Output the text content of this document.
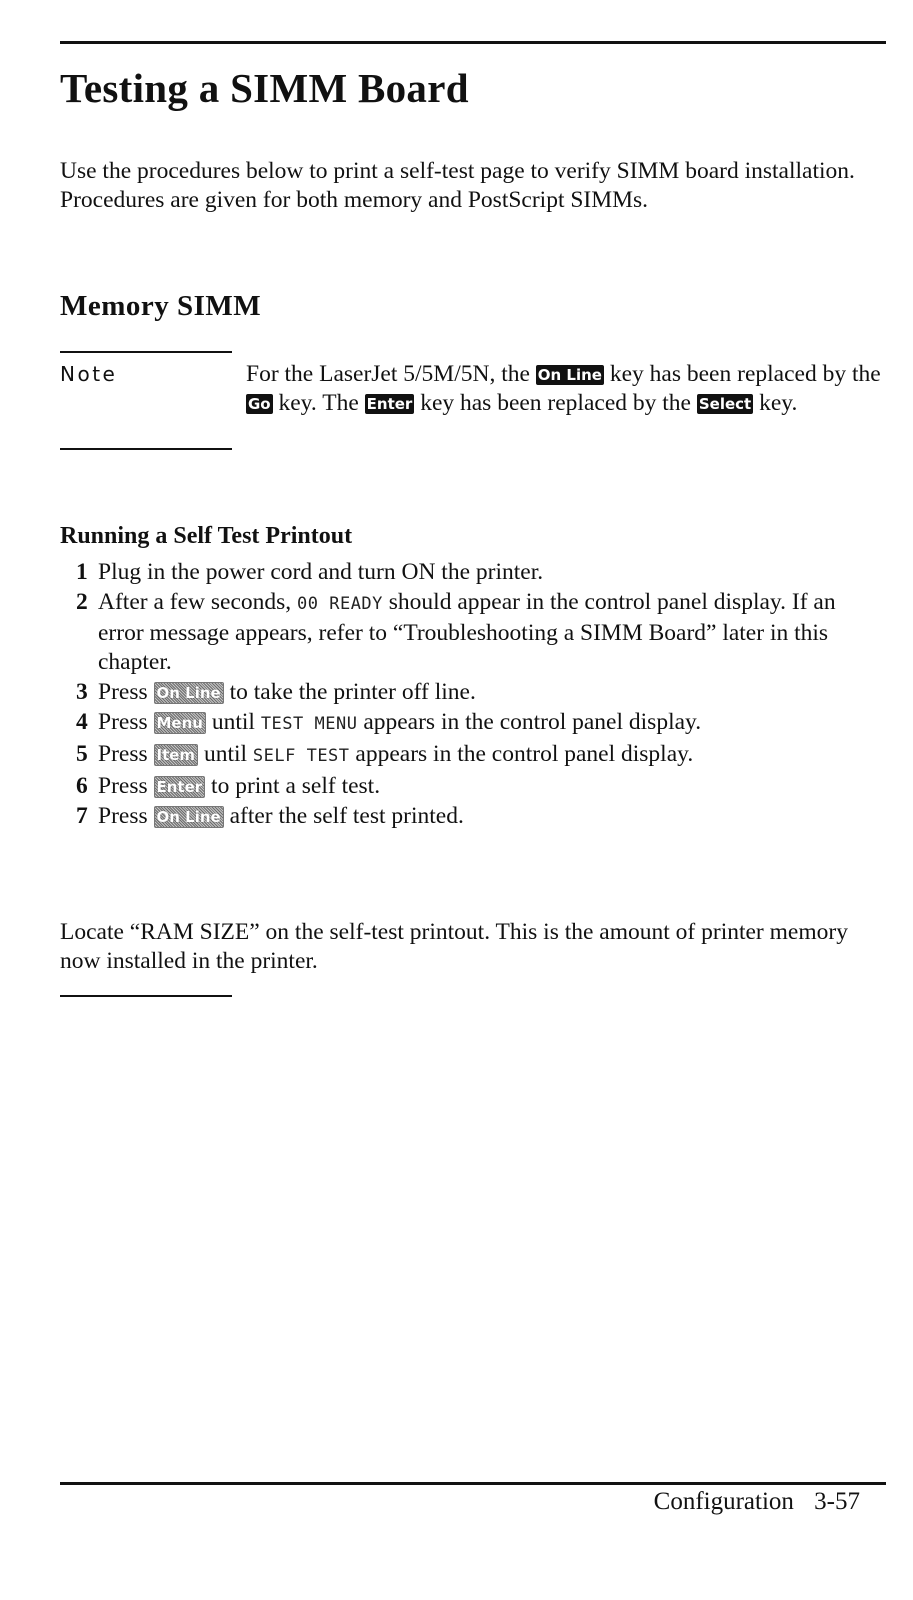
Testing a SIMM Board

Use the procedures below to print a self-test page to verify SIMM board installation. Procedures are given for both memory and PostScript SIMMs.

Memory SIMM
Note	For the LaserJet 5/5M/5N, the On Line key has been replaced by the Go key. The Enter key has been replaced by the Select key.
Running a Self Test Printout
1 Plug in the power cord and turn ON the printer.
2 After a few seconds, 00 READY should appear in the control panel display. If an error message appears, refer to “Troubleshooting a SIMM Board” later in this chapter.
3 Press On Line to take the printer off line.
4 Press Menu until TEST MENU appears in the control panel display.
5 Press Item until SELF TEST appears in the control panel display.
6 Press Enter to print a self test.
7 Press On Line after the self test printed.

Locate “RAM SIZE” on the self-test printout. This is the amount of printer memory now installed in the printer.

Configuration 3-57
